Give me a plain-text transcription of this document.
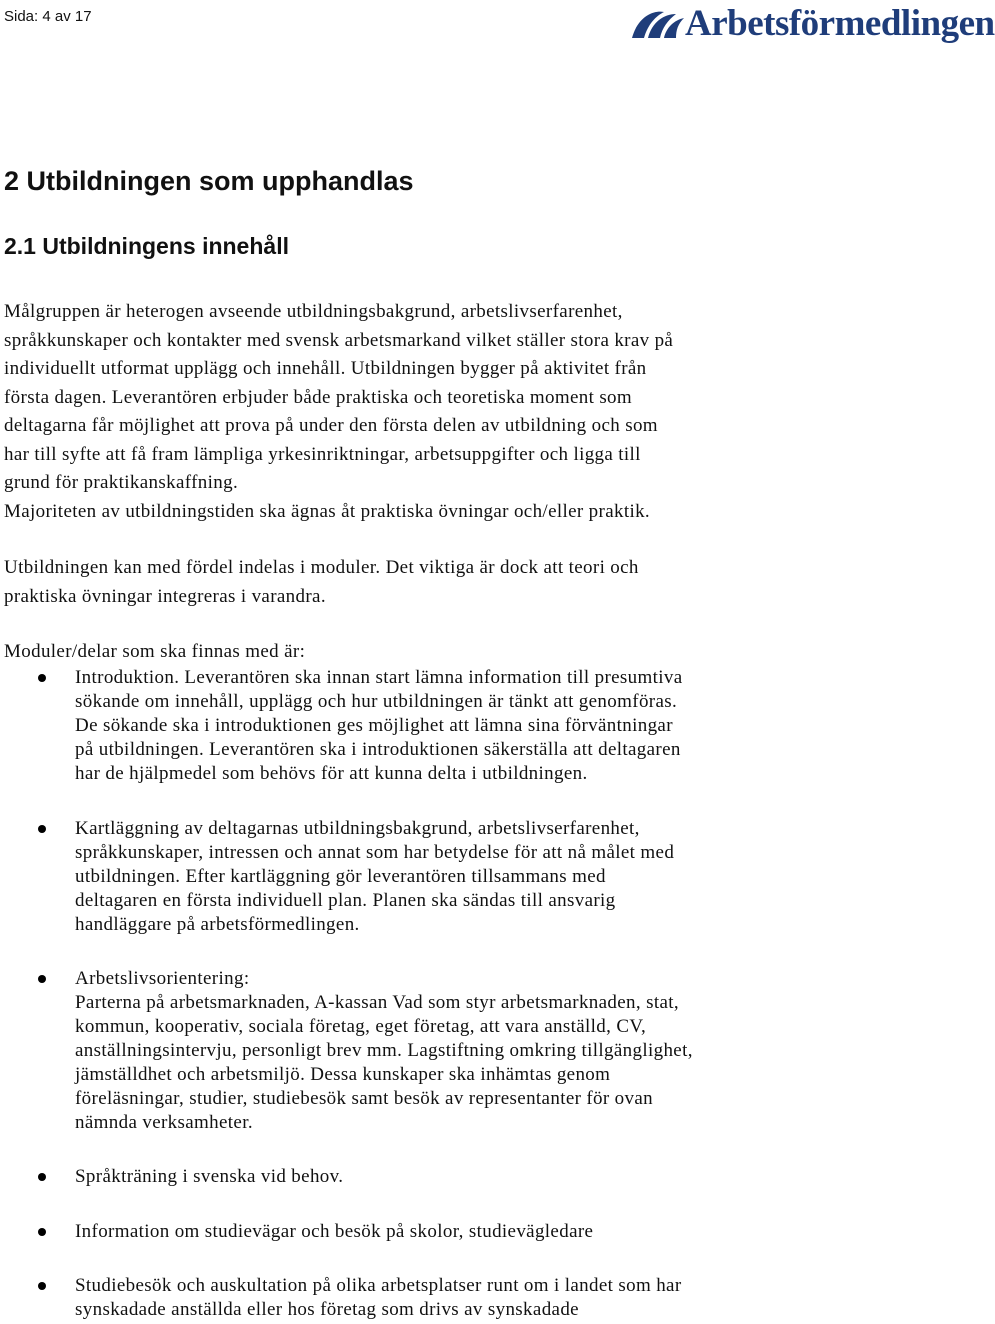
Sida: 4 av 17	Arbetsförmedlingen
2 Utbildningen som upphandlas
2.1 Utbildningens innehåll
Målgruppen är heterogen avseende utbildningsbakgrund, arbetslivserfarenhet,
språkkunskaper och kontakter med svensk arbetsmarkand vilket ställer stora krav på
individuellt utformat upplägg och innehåll. Utbildningen bygger på aktivitet från
första dagen. Leverantören erbjuder både praktiska och teoretiska moment som
deltagarna får möjlighet att prova på under den första delen av utbildning och som
har till syfte att få fram lämpliga yrkesinriktningar, arbetsuppgifter och ligga till
grund för praktikanskaffning.
Majoriteten av utbildningstiden ska ägnas åt praktiska övningar och/eller praktik.
Utbildningen kan med fördel indelas i moduler. Det viktiga är dock att teori och
praktiska övningar integreras i varandra.
Moduler/delar som ska finnas med är:
Introduktion. Leverantören ska innan start lämna information till presumtiva
sökande om innehåll, upplägg och hur utbildningen är tänkt att genomföras.
De sökande ska i introduktionen ges möjlighet att lämna sina förväntningar
på utbildningen. Leverantören ska i introduktionen säkerställa att deltagaren
har de hjälpmedel som behövs för att kunna delta i utbildningen.
Kartläggning av deltagarnas utbildningsbakgrund, arbetslivserfarenhet,
språkkunskaper, intressen och annat som har betydelse för att nå målet med
utbildningen. Efter kartläggning gör leverantören tillsammans med
deltagaren en första individuell plan. Planen ska sändas till ansvarig
handläggare på arbetsförmedlingen.
Arbetslivsorientering:
Parterna på arbetsmarknaden, A-kassan Vad som styr arbetsmarknaden, stat,
kommun, kooperativ, sociala företag, eget företag, att vara anställd, CV,
anställningsintervju, personligt brev mm. Lagstiftning omkring tillgänglighet,
jämställdhet och arbetsmiljö. Dessa kunskaper ska inhämtas genom
föreläsningar, studier, studiebesök samt besök av representanter för ovan
nämnda verksamheter.
Språkträning i svenska vid behov.
Information om studievägar och besök på skolor, studievägledare
Studiebesök och auskultation på olika arbetsplatser runt om i landet som har
synskadade anställda eller hos företag som drivs av synskadade
